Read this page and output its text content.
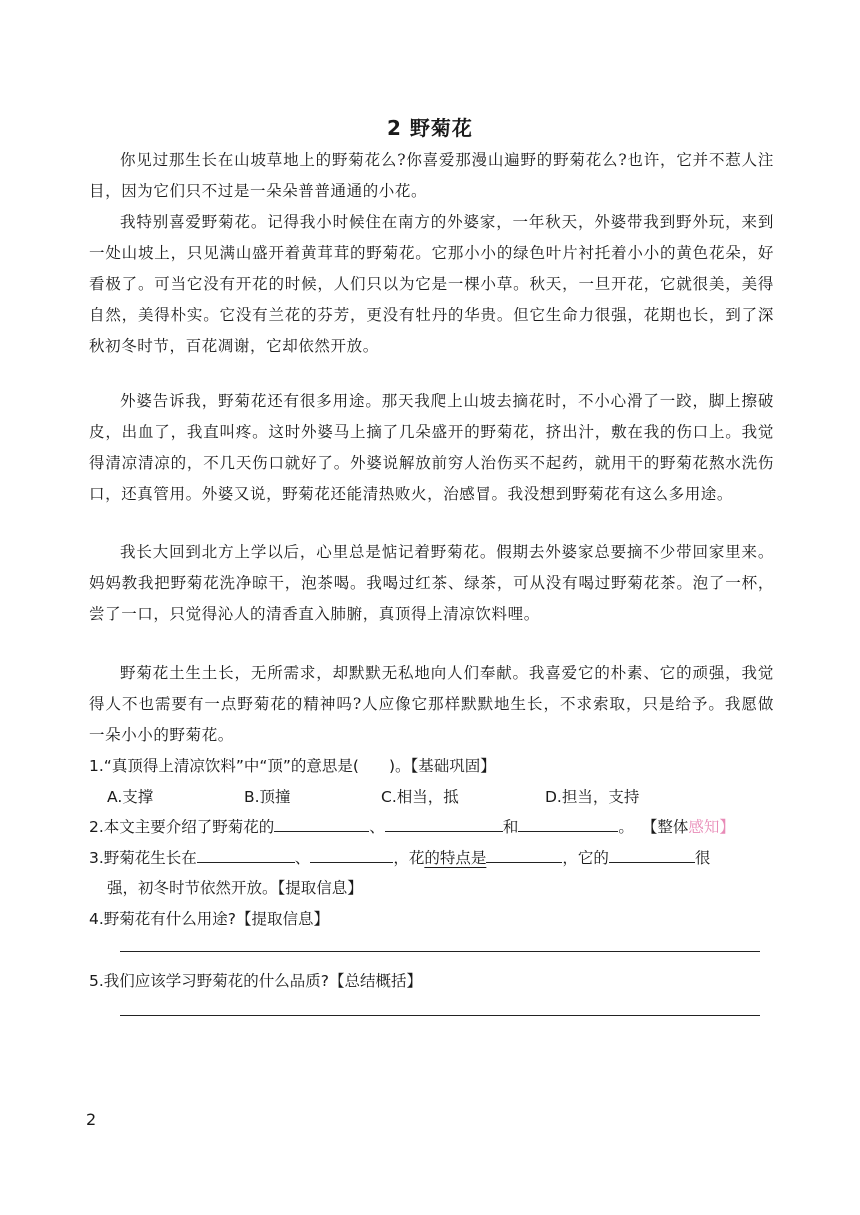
2 野菊花

你见过那生长在山坡草地上的野菊花么?你喜爱那漫山遍野的野菊花么?也许，它并不惹人注目，因为它们只不过是一朵朵普普通通的小花。

我特别喜爱野菊花。记得我小时候住在南方的外婆家，一年秋天，外婆带我到野外玩，来到一处山坡上，只见满山盛开着黄茸茸的野菊花。它那小小的绿色叶片衬托着小小的黄色花朵，好看极了。可当它没有开花的时候，人们只以为它是一棵小草。秋天，一旦开花，它就很美，美得自然，美得朴实。它没有兰花的芬芳，更没有牡丹的华贵。但它生命力很强，花期也长，到了深秋初冬时节，百花凋谢，它却依然开放。

外婆告诉我，野菊花还有很多用途。那天我爬上山坡去摘花时，不小心滑了一跤，脚上擦破皮，出血了，我直叫疼。这时外婆马上摘了几朵盛开的野菊花，挤出汁，敷在我的伤口上。我觉得清凉清凉的，不几天伤口就好了。外婆说解放前穷人治伤买不起药，就用干的野菊花熬水洗伤口，还真管用。外婆又说，野菊花还能清热败火，治感冒。我没想到野菊花有这么多用途。

我长大回到北方上学以后，心里总是惦记着野菊花。假期去外婆家总要摘不少带回家里来。妈妈教我把野菊花洗净晾干，泡茶喝。我喝过红茶、绿茶，可从没有喝过野菊花茶。泡了一杯，尝了一口，只觉得沁人的清香直入肺腑，真顶得上清凉饮料哩。

野菊花土生土长，无所需求，却默默无私地向人们奉献。我喜爱它的朴素、它的顽强，我觉得人不也需要有一点野菊花的精神吗?人应像它那样默默地生长，不求索取，只是给予。我愿做一朵小小的野菊花。

1.“真顶得上清凉饮料”中“顶”的意思是( )。【基础巩固】
A.支撑	B.顶撞	C.相当，抵	D.担当，支持
2.本文主要介绍了野菊花的	、	和	。 【整体感知】
3.野菊花生长在	、	，花的特点是	，它的	很
强，初冬时节依然开放。【提取信息】
4.野菊花有什么用途?【提取信息】
5.我们应该学习野菊花的什么品质?【总结概括】
2
